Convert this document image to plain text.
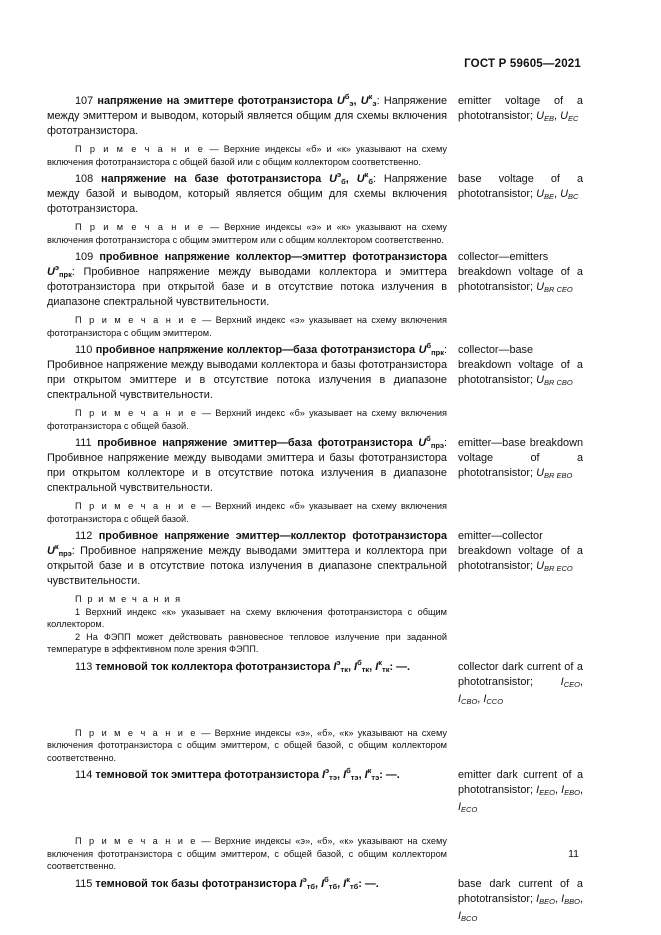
ГОСТ Р 59605—2021
107 напряжение на эмиттере фототранзистора $U^б_э$, $U^к_э$: Напряжение между эмиттером и выводом, который является общим для схемы включения фототранзистора.
emitter voltage of a phototransistor; $U_{EB}$, $U_{EC}$
П р и м е ч а н и е — Верхние индексы «б» и «к» указывают на схему включения фототранзистора с общей базой или с общим коллектором соответственно.
108 напряжение на базе фототранзистора $U^э_б$, $U^к_б$: Напряжение между базой и выводом, который является общим для схемы включения фототранзистора.
base voltage of a phototransistor; $U_{BE}$, $U_{BC}$
П р и м е ч а н и е — Верхние индексы «э» и «к» указывают на схему включения фототранзистора с общим эмиттером или с общим коллектором соответственно.
109 пробивное напряжение коллектор—эмиттер фототранзистора $U^э_{прк}$: Пробивное напряжение между выводами коллектора и эмиттера фототранзистора при открытой базе и в отсутствие потока излучения в диапазоне спектральной чувствительности.
collector—emitters breakdown voltage of a phototransistor; $U_{BR CEO}$
П р и м е ч а н и е — Верхний индекс «э» указывает на схему включения фототранзистора с общим эмиттером.
110 пробивное напряжение коллектор—база фототранзистора $U^б_{прк}$: Пробивное напряжение между выводами коллектора и базы фототранзистора при открытом эмиттере и в отсутствие потока излучения в диапазоне спектральной чувствительности.
collector—base breakdown voltage of a phototransistor; $U_{BR CBO}$
П р и м е ч а н и е — Верхний индекс «б» указывает на схему включения фототранзистора с общей базой.
111 пробивное напряжение эмиттер—база фототранзистора $U^б_{прэ}$: Пробивное напряжение между выводами эмиттера и базы фототранзистора при открытом коллекторе и в отсутствие потока излучения в диапазоне спектральной чувствительности.
emitter—base breakdown voltage of a phototransistor; $U_{BR EBO}$
П р и м е ч а н и е — Верхний индекс «б» указывает на схему включения фототранзистора с общей базой.
112 пробивное напряжение эмиттер—коллектор фототранзистора $U^к_{прэ}$: Пробивное напряжение между выводами эмиттера и коллектора при открытой базе и в отсутствие потока излучения в диапазоне спектральной чувствительности.
emitter—collector breakdown voltage of a phototransistor; $U_{BR ECO}$
П р и м е ч а н и я
1 Верхний индекс «к» указывает на схему включения фототранзистора с общим коллектором.
2 На ФЭПП может действовать равновесное тепловое излучение при заданной температуре в эффективном поле зрения ФЭПП.
113 темновой ток коллектора фототранзистора $I^э_{тк}$, $I^б_{тк}$, $I^к_{тк}$: —.	collector dark current of a phototransistor;	$I_{CEO}$, $I_{CBO}$, $I_{CCO}$
П р и м е ч а н и е — Верхние индексы «э», «б», «к» указывают на схему включения фототранзистора с общим эмиттером, с общей базой, с общим коллектором соответственно.
114 темновой ток эмиттера фототранзистора $I^э_{тэ}$, $I^б_{тэ}$, $I^к_{тэ}$: —.	emitter dark current of a phototransistor; $I_{EEO}$, $I_{EBO}$, $I_{ECO}$
П р и м е ч а н и е — Верхние индексы «э», «б», «к» указывают на схему включения фототранзистора с общим эмиттером, с общей базой, с общим коллектором соответственно.
115 темновой ток базы фототранзистора $I^э_{тб}$, $I^б_{тб}$, $I^к_{тб}$: —.	base dark current of a phototransistor; $I_{BEO}$, $I_{BBO}$, $I_{BCO}$
11
